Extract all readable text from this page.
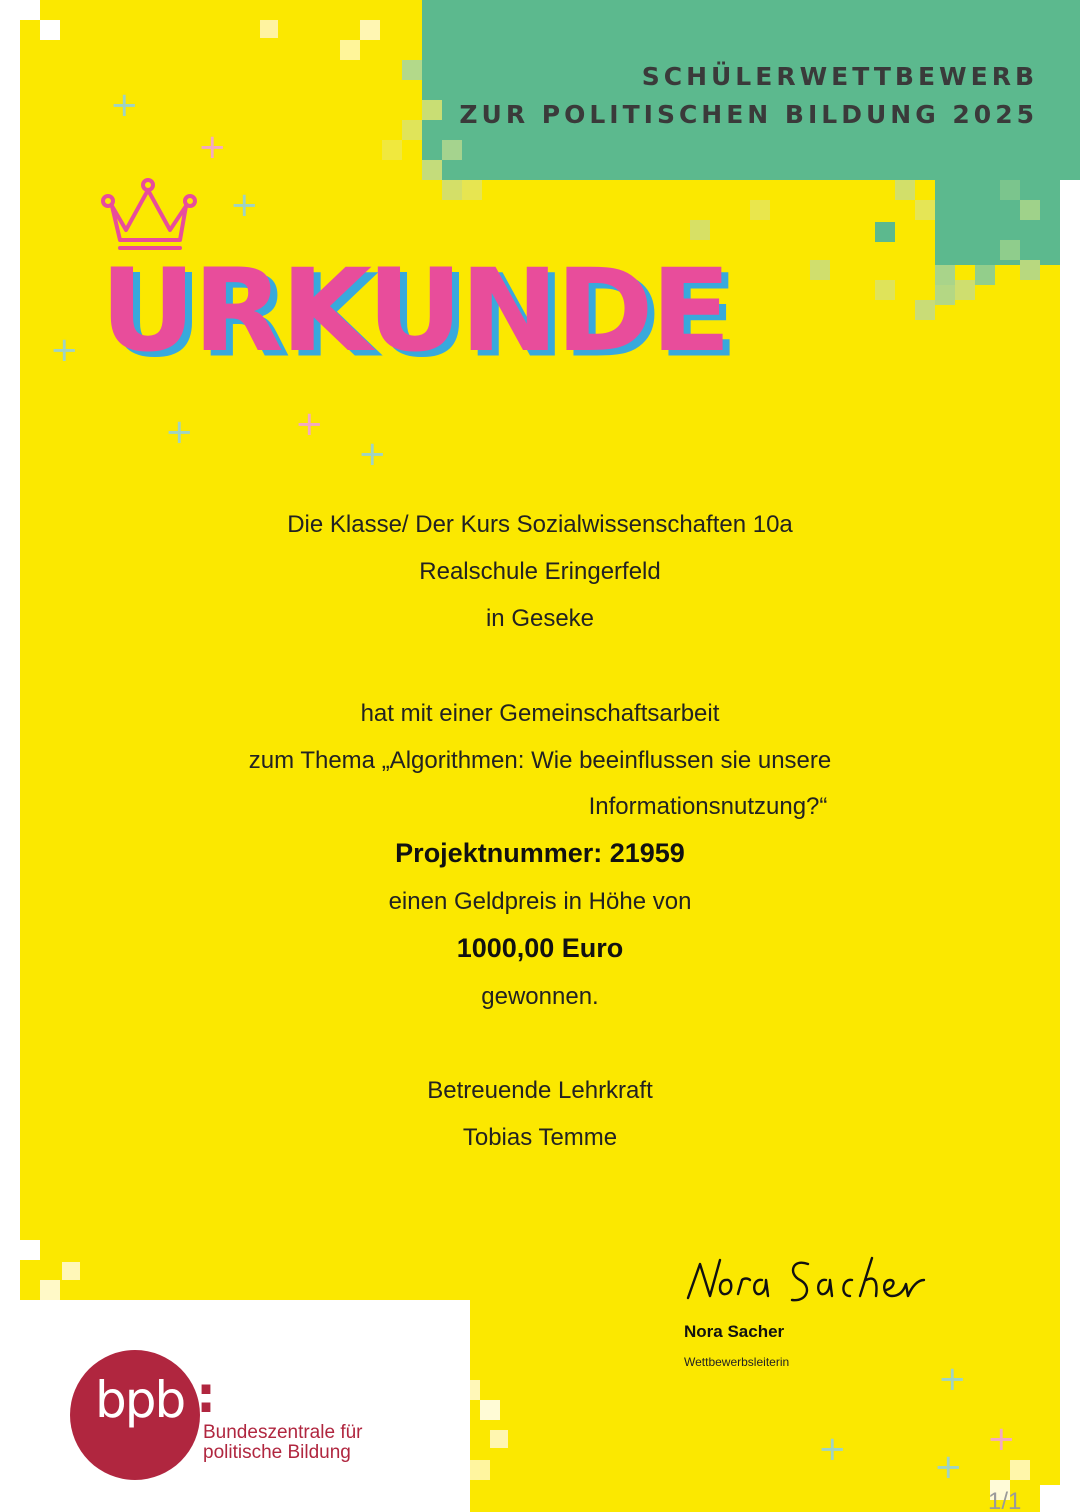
SCHÜLERWETTBEWERB
ZUR POLITISCHEN BILDUNG 2025
URKUNDE
+
+
+
+
+	+
+
+
+	+
+
Die Klasse/ Der Kurs Sozialwissenschaften 10a
Realschule Eringerfeld
in Geseke
hat mit einer Gemeinschaftsarbeit
zum Thema „Algorithmen: Wie beeinflussen sie unsere
Informationsnutzung?“
Projektnummer: 21959
einen Geldpreis in Höhe von
1000,00 Euro
gewonnen.
Betreuende Lehrkraft
Tobias Temme
Nora Sacher
Wettbewerbsleiterin
bpb :
Bundeszentrale für
politische Bildung
1/1
